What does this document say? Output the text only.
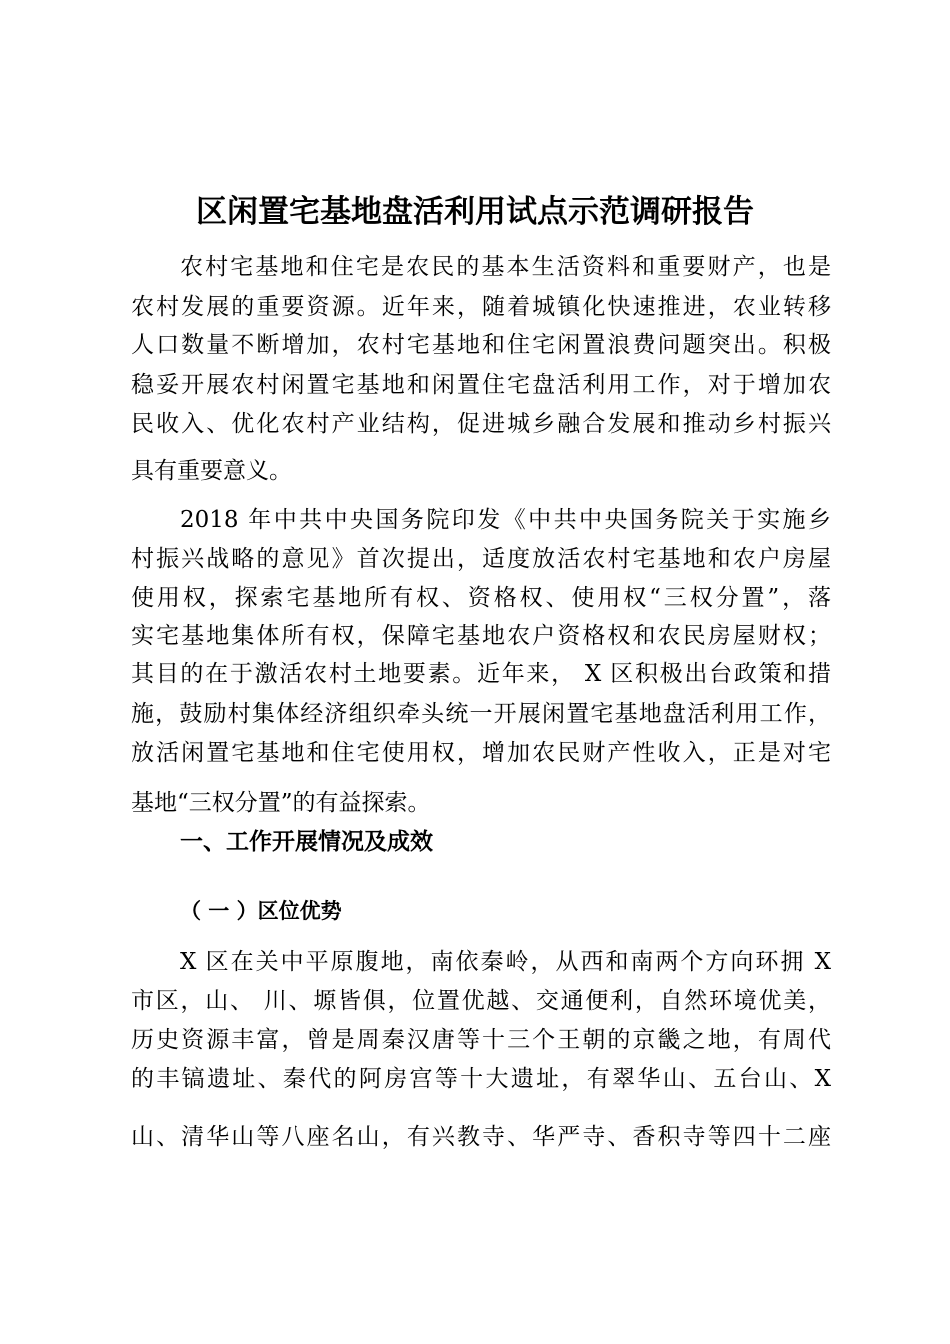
区闲置宅基地盘活利用试点示范调研报告

农村宅基地和住宅是农民的基本生活资料和重要财产，也是

农村发展的重要资源。近年来，随着城镇化快速推进，农业转移

人口数量不断增加，农村宅基地和住宅闲置浪费问题突出。积极

稳妥开展农村闲置宅基地和闲置住宅盘活利用工作，对于增加农

民收入、优化农村产业结构，促进城乡融合发展和推动乡村振兴

具有重要意义。

2018 年中共中央国务院印发《中共中央国务院关于实施乡

村振兴战略的意见》首次提出，适度放活农村宅基地和农户房屋

使用权，探索宅基地所有权、资格权、使用权“三权分置”，落

实宅基地集体所有权，保障宅基地农户资格权和农民房屋财权；

其目的在于激活农村土地要素。近年来， X 区积极出台政策和措

施，鼓励村集体经济组织牵头统一开展闲置宅基地盘活利用工作，

放活闲置宅基地和住宅使用权，增加农民财产性收入，正是对宅

基地“三权分置”的有益探索。

一、工作开展情况及成效
（ 一 ）区位优势

X 区在关中平原腹地，南依秦岭，从西和南两个方向环拥 X

市区，山、 川、塬皆俱，位置优越、交通便利，自然环境优美，

历史资源丰富，曾是周秦汉唐等十三个王朝的京畿之地，有周代

的丰镐遗址、秦代的阿房宫等十大遗址，有翠华山、五台山、X

山、清华山等八座名山，有兴教寺、华严寺、香积寺等四十二座
